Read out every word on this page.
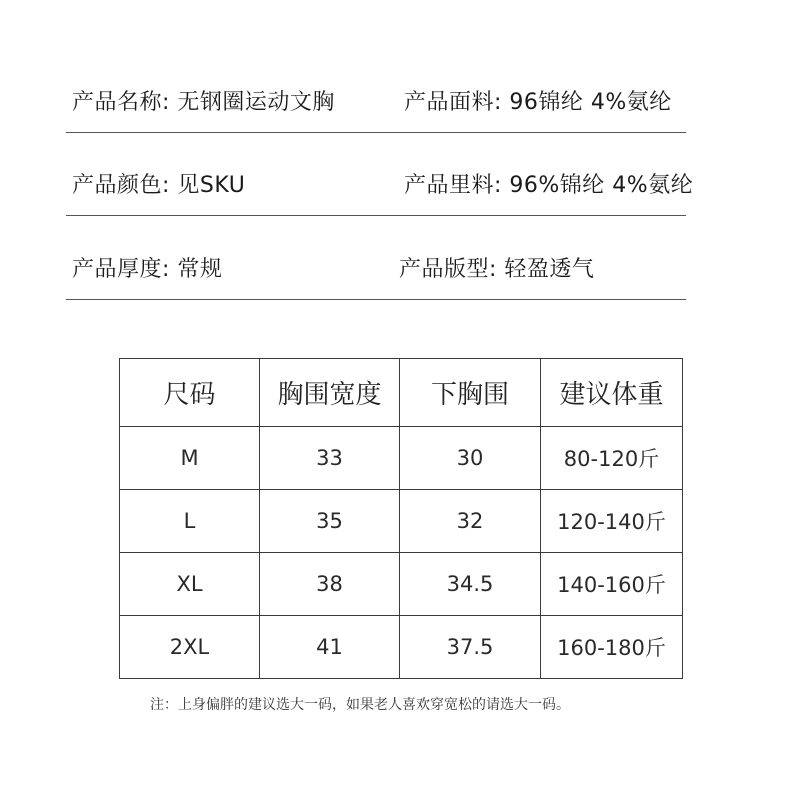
产品名称: 无钢圈运动文胸	产品面料: 96锦纶 4%氨纶
产品颜色: 见SKU	产品里料: 96%锦纶 4%氨纶
产品厚度: 常规	产品版型: 轻盈透气
尺码	胸围宽度	下胸围	建议体重
M	33	30	80-120斤
L	35	32	120-140斤
XL	38	34.5	140-160斤
2XL	41	37.5	160-180斤
注：上身偏胖的建议选大一码，如果老人喜欢穿宽松的请选大一码。
